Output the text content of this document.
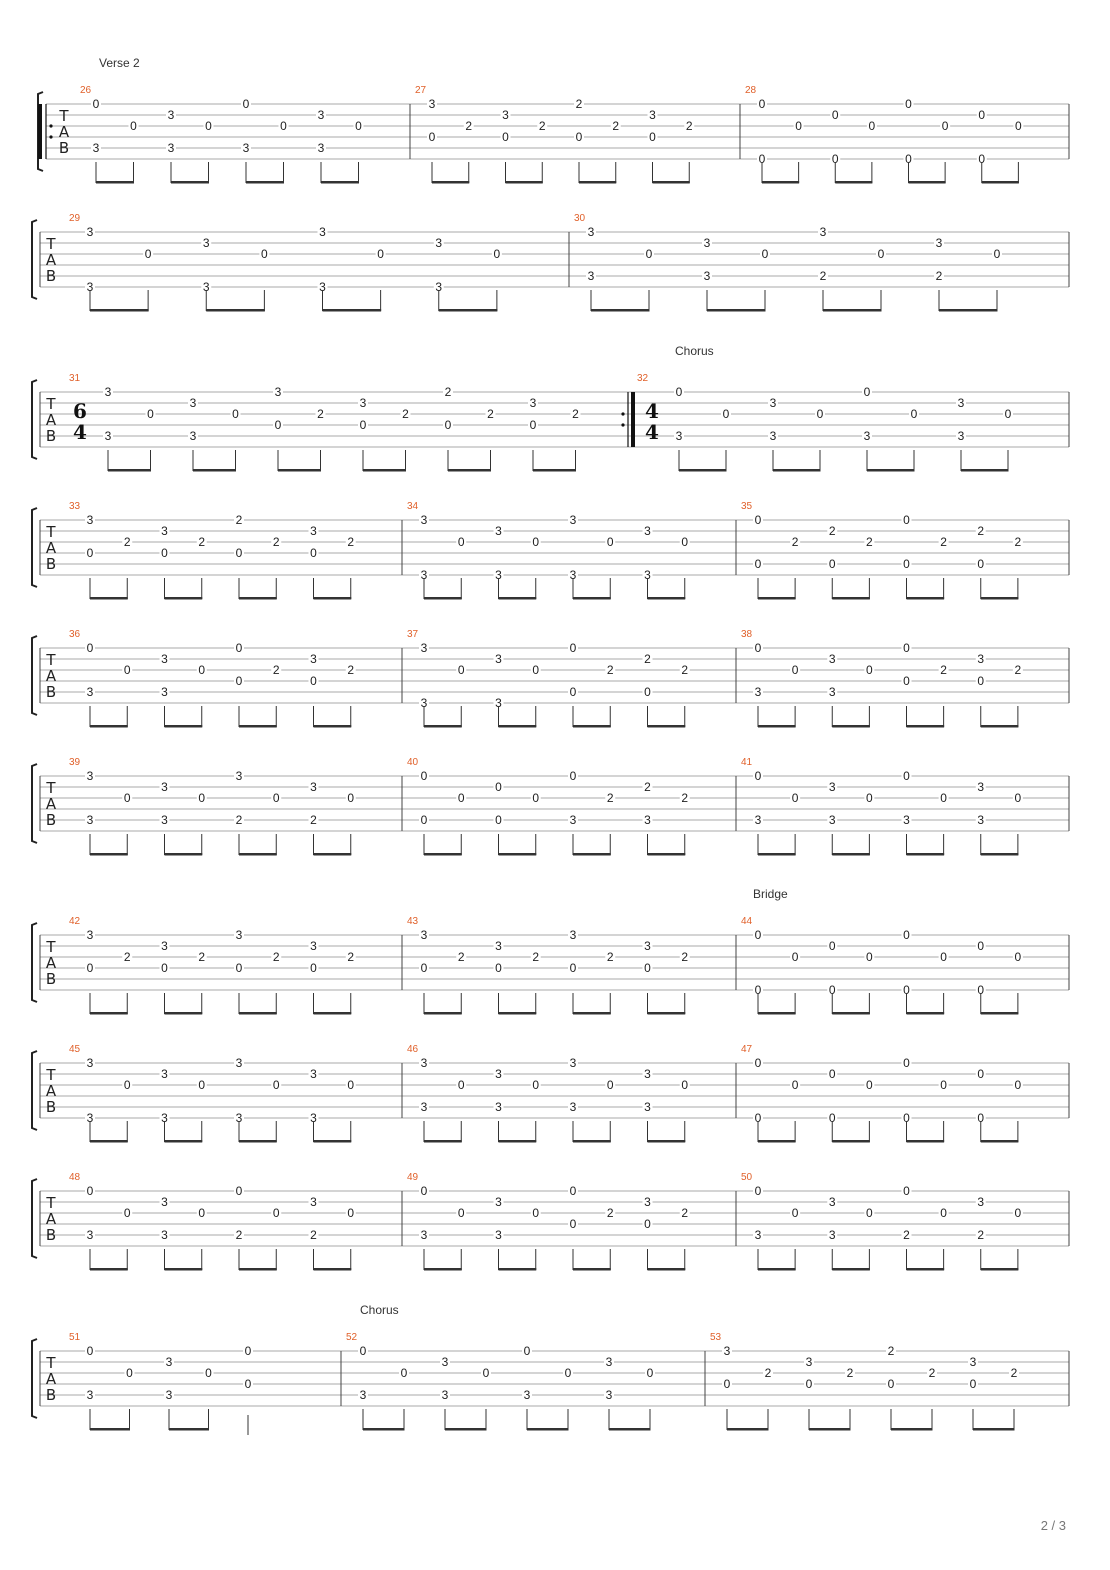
T
A
B
26
Verse 2
3
0
0
3
3
0
3
0
0
3
3
0
27
3
0
2
3
0
2
2
0
2
3
0
2
28
0
0
0
0
0
0
0
0
0
0
0
0
T
A
B
29
3
3
0
3
3
0
3
3
0
3
3
0
30
3
3
0
3
3
0
3
2
0
3
2
0
T
A
B
31
6
4
3
3
0
3
3
0
3
0
2
3
0
2
2
0
2
3
0
2
32
Chorus
4
4
0
3
0
3
3
0
0
3
0
3
3
0
T
A
B
33
3
0
2
3
0
2
2
0
2
3
0
2
34
3
3
0
3
3
0
3
3
0
3
3
0
35
0
0
2
2
0
2
0
0
2
2
0
2
T
A
B
36
0
3
0
3
3
0
0
0
2
3
0
2
37
3
3
0
3
3
0
0
0
2
2
0
2
38
0
3
0
3
3
0
0
0
2
3
0
2
T
A
B
39
3
3
0
3
3
0
3
2
0
3
2
0
40
0
0
0
0
0
0
0
3
2
2
3
2
41
0
3
0
3
3
0
0
3
0
3
3
0
T
A
B
42
3
0
2
3
0
2
3
0
2
3
0
2
43
3
0
2
3
0
2
3
0
2
3
0
2
44
Bridge
0
0
0
0
0
0
0
0
0
0
0
0
T
A
B
45
3
3
0
3
3
0
3
3
0
3
3
0
46
3
3
0
3
3
0
3
3
0
3
3
0
47
0
0
0
0
0
0
0
0
0
0
0
0
T
A
B
48
0
3
0
3
3
0
0
2
0
3
2
0
49
0
3
0
3
3
0
0
0
2
3
0
2
50
0
3
0
3
3
0
0
2
0
3
2
0
T
A
B
51
0
3
0
3
3
0
0
0
52
Chorus
0
3
0
3
3
0
0
3
0
3
3
0
53
3
0
2
3
0
2
2
0
2
3
0
2
2 / 3
